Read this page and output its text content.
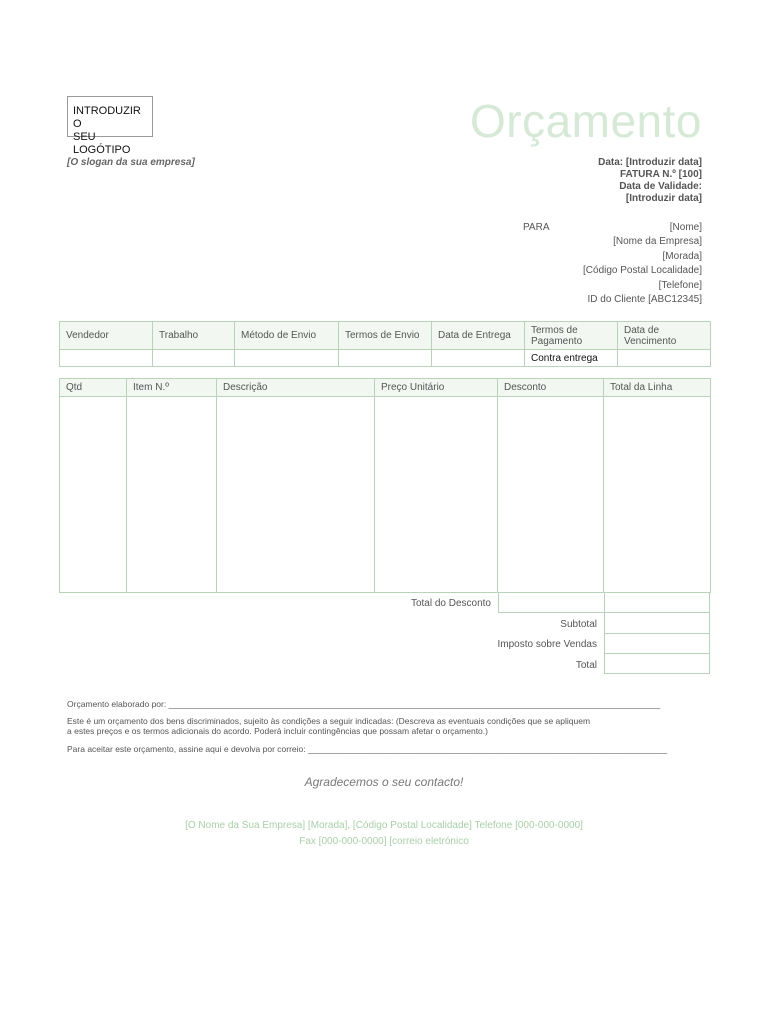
INTRODUZIR O
SEU LOGÓTIPO
Orçamento
[O slogan da sua empresa]	Data: [Introduzir data]
FATURA N.º [100]
Data de Validade:
[Introduzir data]
PARA	[Nome]
[Nome da Empresa]
[Morada]
[Código Postal Localidade]
[Telefone]
ID do Cliente [ABC12345]
Vendedor	Trabalho	Método de Envio	Termos de Envio	Data de Entrega	Termos de Pagamento	Data de Vencimento
					Contra entrega	
Qtd	Item N.º	Descrição	Preço Unitário	Desconto	Total da Linha

Total do Desconto
Subtotal
Imposto sobre Vendas
Total
Orçamento elaborado por: ________________________________________________________________________________________________________
Este é um orçamento dos bens discriminados, sujeito às condições a seguir indicadas: (Descreva as eventuais condições que se apliquem
a estes preços e os termos adicionais do acordo. Poderá incluir contingências que possam afetar o orçamento.)
Para aceitar este orçamento, assine aqui e devolva por correio: ____________________________________________________________________________
Agradecemos o seu contacto!
[O Nome da Sua Empresa] [Morada], [Código Postal Localidade] Telefone [000-000-0000]
Fax [000-000-0000] [correio eletrónico
